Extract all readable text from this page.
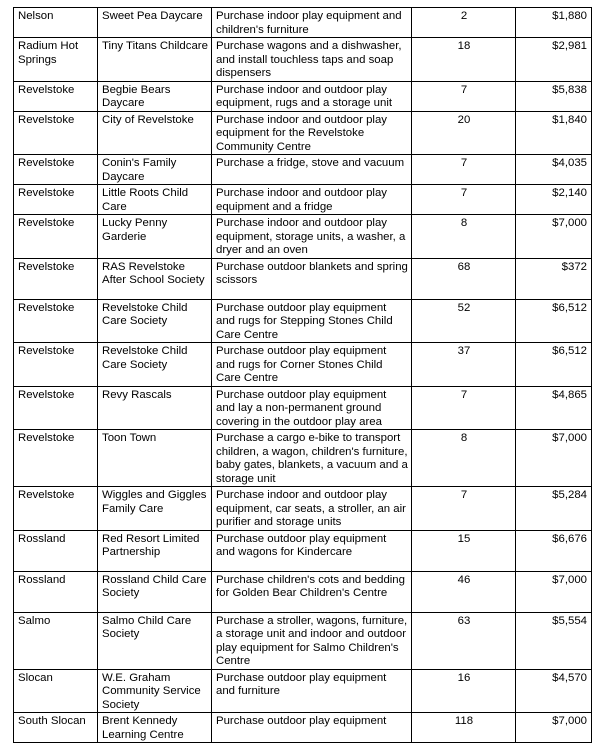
Nelson	Sweet Pea Daycare	Purchase indoor play equipment and children's furniture	2	$1,880
Radium Hot Springs	Tiny Titans Childcare	Purchase wagons and a dishwasher, and install touchless taps and soap dispensers	18	$2,981
Revelstoke	Begbie Bears Daycare	Purchase indoor and outdoor play equipment, rugs and a storage unit	7	$5,838
Revelstoke	City of Revelstoke	Purchase indoor and outdoor play equipment for the Revelstoke Community Centre	20	$1,840
Revelstoke	Conin's Family Daycare	Purchase a fridge, stove and vacuum	7	$4,035
Revelstoke	Little Roots Child Care	Purchase indoor and outdoor play equipment and a fridge	7	$2,140
Revelstoke	Lucky Penny Garderie	Purchase indoor and outdoor play equipment, storage units, a washer, a dryer and an oven	8	$7,000
Revelstoke	RAS Revelstoke After School Society	Purchase outdoor blankets and spring scissors	68	$372
Revelstoke	Revelstoke Child Care Society	Purchase outdoor play equipment and rugs for Stepping Stones Child Care Centre	52	$6,512
Revelstoke	Revelstoke Child Care Society	Purchase outdoor play equipment and rugs for Corner Stones Child Care Centre	37	$6,512
Revelstoke	Revy Rascals	Purchase outdoor play equipment and lay a non-permanent ground covering in the outdoor play area	7	$4,865
Revelstoke	Toon Town	Purchase a cargo e-bike to transport children, a wagon, children's furniture, baby gates, blankets, a vacuum and a storage unit	8	$7,000
Revelstoke	Wiggles and Giggles Family Care	Purchase indoor and outdoor play equipment, car seats, a stroller, an air purifier and storage units	7	$5,284
Rossland	Red Resort Limited Partnership	Purchase outdoor play equipment and wagons for Kindercare	15	$6,676
Rossland	Rossland Child Care Society	Purchase children's cots and bedding for Golden Bear Children's Centre	46	$7,000
Salmo	Salmo Child Care Society	Purchase a stroller, wagons, furniture, a storage unit and indoor and outdoor play equipment for Salmo Children's Centre	63	$5,554
Slocan	W.E. Graham Community Service Society	Purchase outdoor play equipment and furniture	16	$4,570
South Slocan	Brent Kennedy Learning Centre	Purchase outdoor play equipment	118	$7,000
